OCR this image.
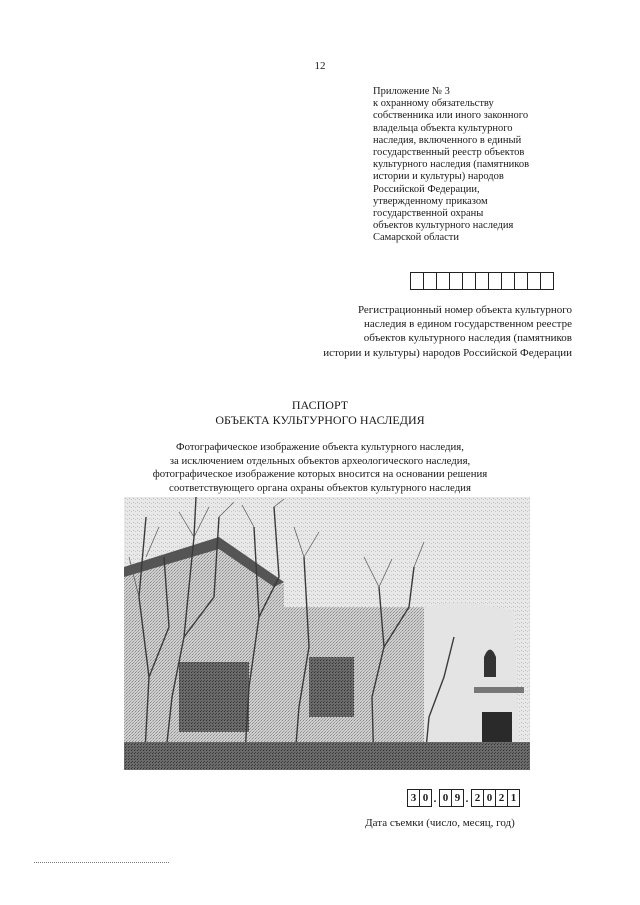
12
Приложение № 3
к охранному обязательству
собственника или иного законного
владельца объекта культурного
наследия, включенного в единый
государственный реестр объектов
культурного наследия (памятников
истории и культуры) народов
Российской Федерации,
утвержденному приказом
государственной охраны
объектов культурного наследия
Самарской области
Регистрационный номер объекта культурного
наследия в едином государственном реестре
объектов культурного наследия (памятников
истории и культуры) народов Российской Федерации
ПАСПОРТ
ОБЪЕКТА КУЛЬТУРНОГО НАСЛЕДИЯ
Фотографическое изображение объекта культурного наследия,
за исключением отдельных объектов археологического наследия,
фотографическое изображение которых вносится на основании решения
соответствующего органа охраны объектов культурного наследия
3 0 . 0 9 . 2 0 2 1
Дата съемки (число, месяц, год)
